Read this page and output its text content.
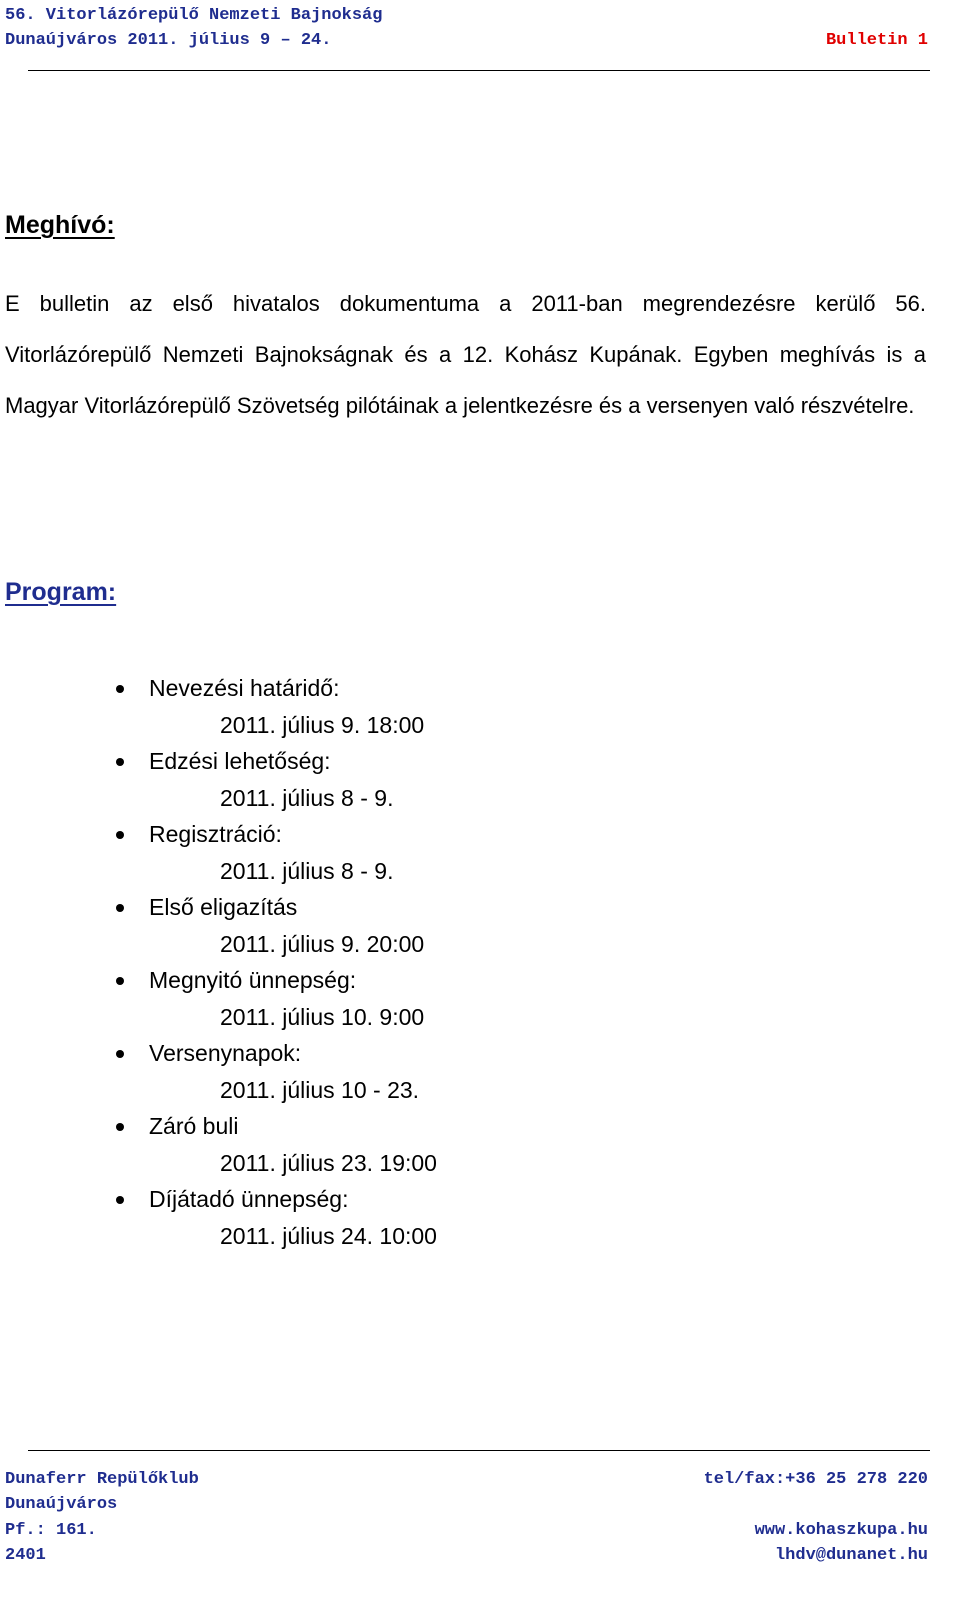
56. Vitorlázórepülő Nemzeti Bajnokság
Dunaújváros 2011. július 9 – 24.	Bulletin 1
Meghívó:
E bulletin az első hivatalos dokumentuma a 2011-ban megrendezésre kerülő 56. Vitorlázórepülő Nemzeti Bajnokságnak és a 12. Kohász Kupának. Egyben meghívás is a Magyar Vitorlázórepülő Szövetség pilótáinak a jelentkezésre és a versenyen való részvételre.
Program:
Nevezési határidő:
2011. július 9. 18:00
Edzési lehetőség:
2011. július 8 - 9.
Regisztráció:
2011. július 8 - 9.
Első eligazítás
2011. július 9. 20:00
Megnyitó ünnepség:
2011. július 10. 9:00
Versenynapok:
2011. július 10 - 23.
Záró buli
2011. július 23. 19:00
Díjátadó ünnepség:
2011. július 24. 10:00
Dunaferr Repülőklub
Dunaújváros
Pf.: 161.
2401
tel/fax:+36 25 278 220
www.kohaszkupa.hu
lhdv@dunanet.hu
